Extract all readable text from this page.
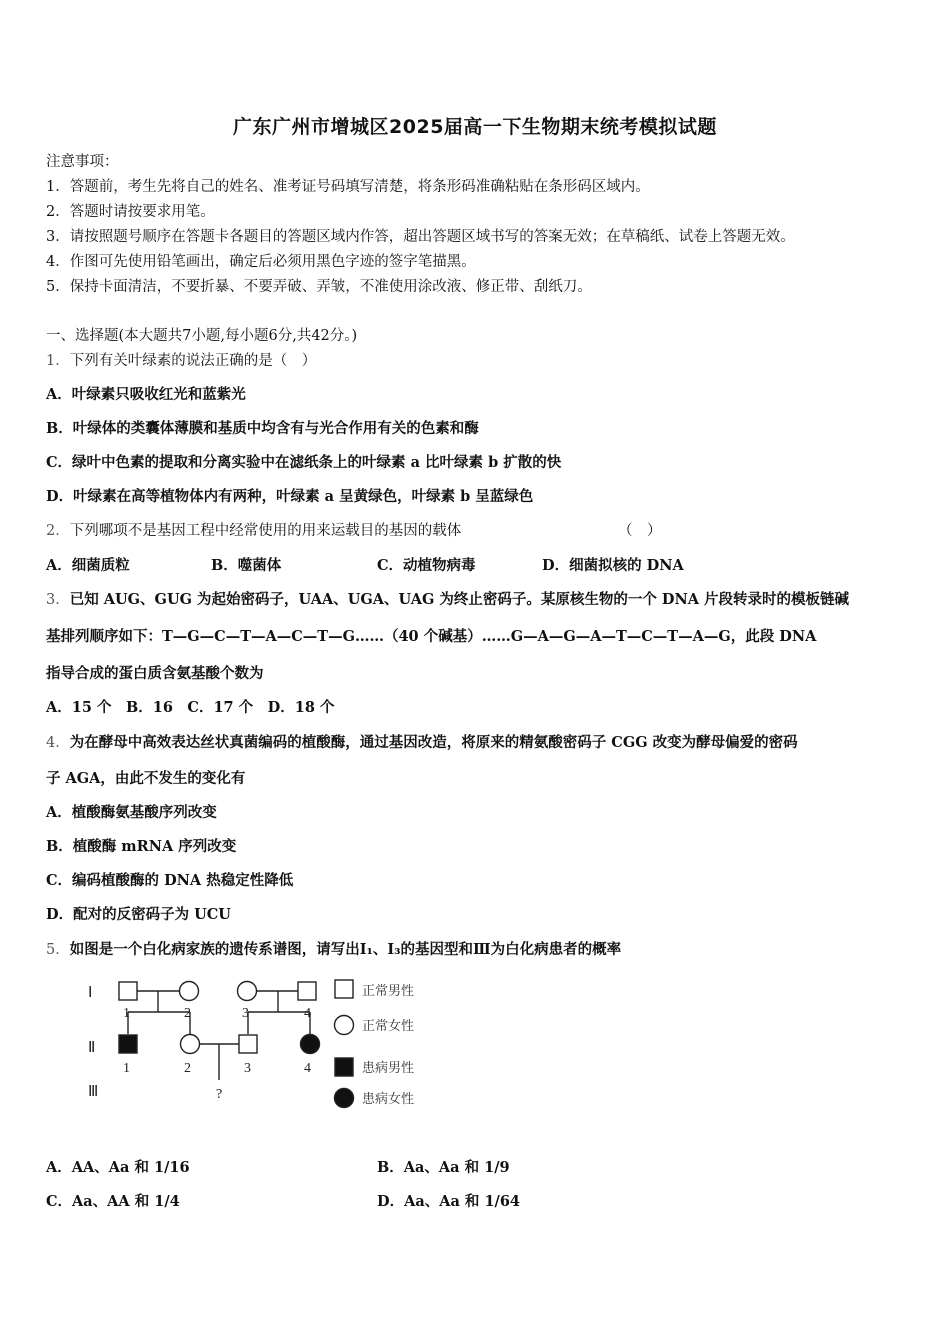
广东广州市增城区2025届高一下生物期末统考模拟试题
注意事项：
1．答题前，考生先将自己的姓名、准考证号码填写清楚，将条形码准确粘贴在条形码区域内。
2．答题时请按要求用笔。
3．请按照题号顺序在答题卡各题目的答题区域内作答，超出答题区域书写的答案无效；在草稿纸、试卷上答题无效。
4．作图可先使用铅笔画出，确定后必须用黑色字迹的签字笔描黑。
5．保持卡面清洁，不要折暴、不要弄破、弄皱，不准使用涂改液、修正带、刮纸刀。
一、选择题(本大题共7小题,每小题6分,共42分。)
1．下列有关叶绿素的说法正确的是（　）
A．叶绿素只吸收红光和蓝紫光
B．叶绿体的类囊体薄膜和基质中均含有与光合作用有关的色素和酶
C．绿叶中色素的提取和分离实验中在滤纸条上的叶绿素 a 比叶绿素 b 扩散的快
D．叶绿素在高等植物体内有两种，叶绿素 a 呈黄绿色，叶绿素 b 呈蓝绿色
2．下列哪项不是基因工程中经常使用的用来运载目的基因的载体	（　）
A．细菌质粒	B．噬菌体	C．动植物病毒	D．细菌拟核的 DNA
3．已知 AUG、GUG 为起始密码子，UAA、UGA、UAG 为终止密码子。某原核生物的一个 DNA 片段转录时的模板链碱
基排列顺序如下：T—G—C—T—A—C—T—G……（40 个碱基）……G—A—G—A—T—C—T—A—G，此段 DNA
指导合成的蛋白质含氨基酸个数为
A．15 个　B．16　C．17 个　D．18 个
4．为在酵母中高效表达丝状真菌编码的植酸酶，通过基因改造，将原来的精氨酸密码子 CGG 改变为酵母偏爱的密码
子 AGA，由此不发生的变化有
A．植酸酶氨基酸序列改变
B．植酸酶 mRNA 序列改变
C．编码植酸酶的 DNA 热稳定性降低
D．配对的反密码子为 UCU
5．如图是一个白化病家族的遗传系谱图，请写出Ⅰ₁、Ⅰ₃的基因型和Ⅲ为白化病患者的概率
Ⅰ
Ⅱ
Ⅲ
1	2	3	4
1	2	3	4
?
正常男性
正常女性
患病男性
患病女性
A．AA、Aa 和 1/16	B．Aa、Aa 和 1/9
C．Aa、AA 和 1/4	D．Aa、Aa 和 1/64
